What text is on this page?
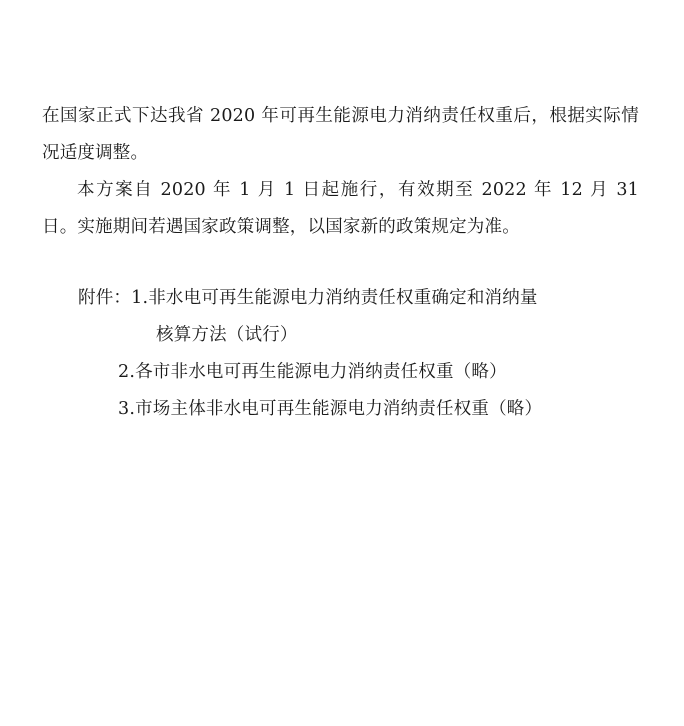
在国家正式下达我省 2020 年可再生能源电力消纳责任权重后，根据实际情况适度调整。

本方案自 2020 年 1 月 1 日起施行，有效期至 2022 年 12 月 31 日。实施期间若遇国家政策调整，以国家新的政策规定为准。

附件： 1. 非水电可再生能源电力消纳责任权重确定和消纳量
核算方法（试行）
2. 各市非水电可再生能源电力消纳责任权重（略）
3. 市场主体非水电可再生能源电力消纳责任权重（略）
